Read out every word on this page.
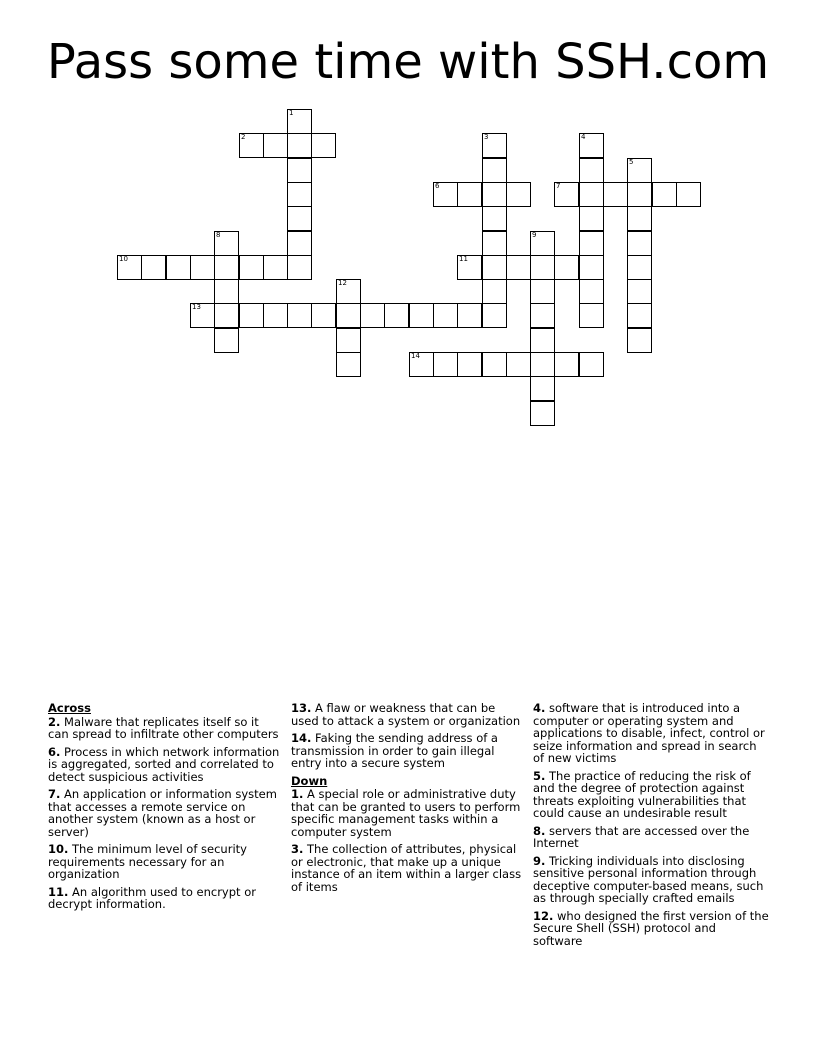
Pass some time with SSH.com
1
2	3	4
5
6	7
8	9
10	11
12
13
14
Across
2. Malware that replicates itself so it can spread to infiltrate other computers
6. Process in which network information is aggregated, sorted and correlated to detect suspicious activities
7. An application or information system that accesses a remote service on another system (known as a host or server)
10. The minimum level of security requirements necessary for an organization
11. An algorithm used to encrypt or decrypt information.
13. A flaw or weakness that can be used to attack a system or organization
14. Faking the sending address of a transmission in order to gain illegal entry into a secure system
Down
1. A special role or administrative duty that can be granted to users to perform specific management tasks within a computer system
3. The collection of attributes, physical or electronic, that make up a unique instance of an item within a larger class of items
4. software that is introduced into a computer or operating system and applications to disable, infect, control or seize information and spread in search of new victims
5. The practice of reducing the risk of and the degree of protection against threats exploiting vulnerabilities that could cause an undesirable result
8. servers that are accessed over the Internet
9. Tricking individuals into disclosing sensitive personal information through deceptive computer-based means, such as through specially crafted emails
12. who designed the first version of the Secure Shell (SSH) protocol and software
